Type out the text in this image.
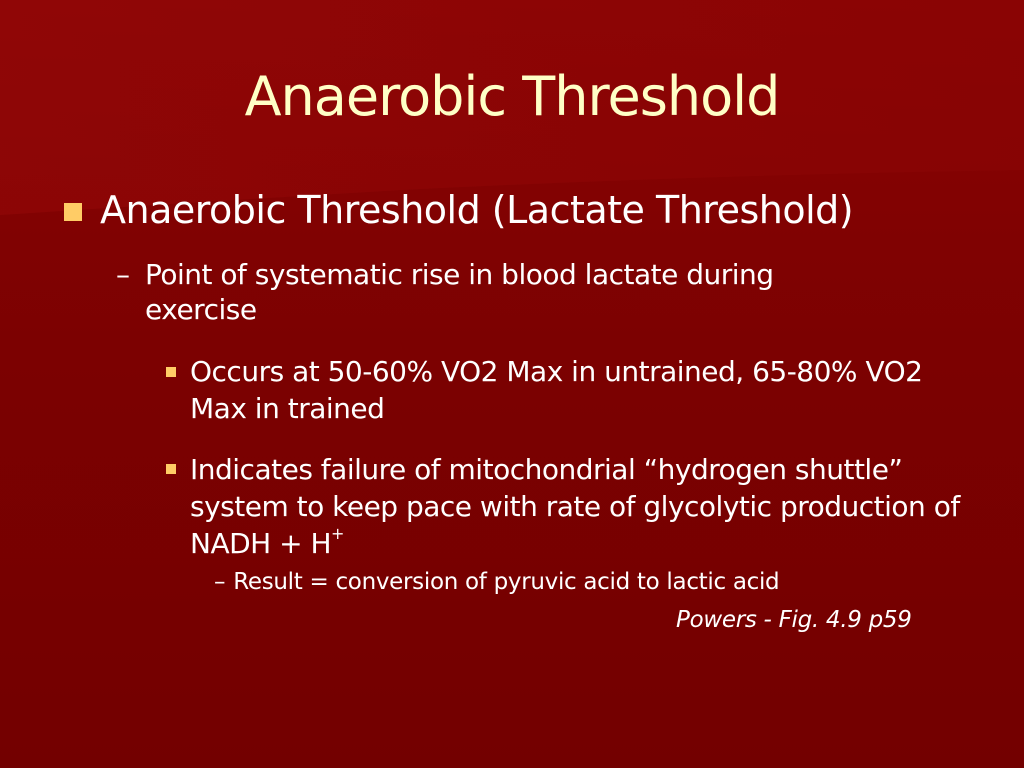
Anaerobic Threshold
Anaerobic Threshold (Lactate Threshold)
– Point of systematic rise in blood lactate during exercise
Occurs at 50-60% VO2 Max in untrained, 65-80% VO2 Max in trained
Indicates failure of mitochondrial “hydrogen shuttle” system to keep pace with rate of glycolytic production of NADH + H+
– Result = conversion of pyruvic acid to lactic acid
Powers - Fig. 4.9 p59
